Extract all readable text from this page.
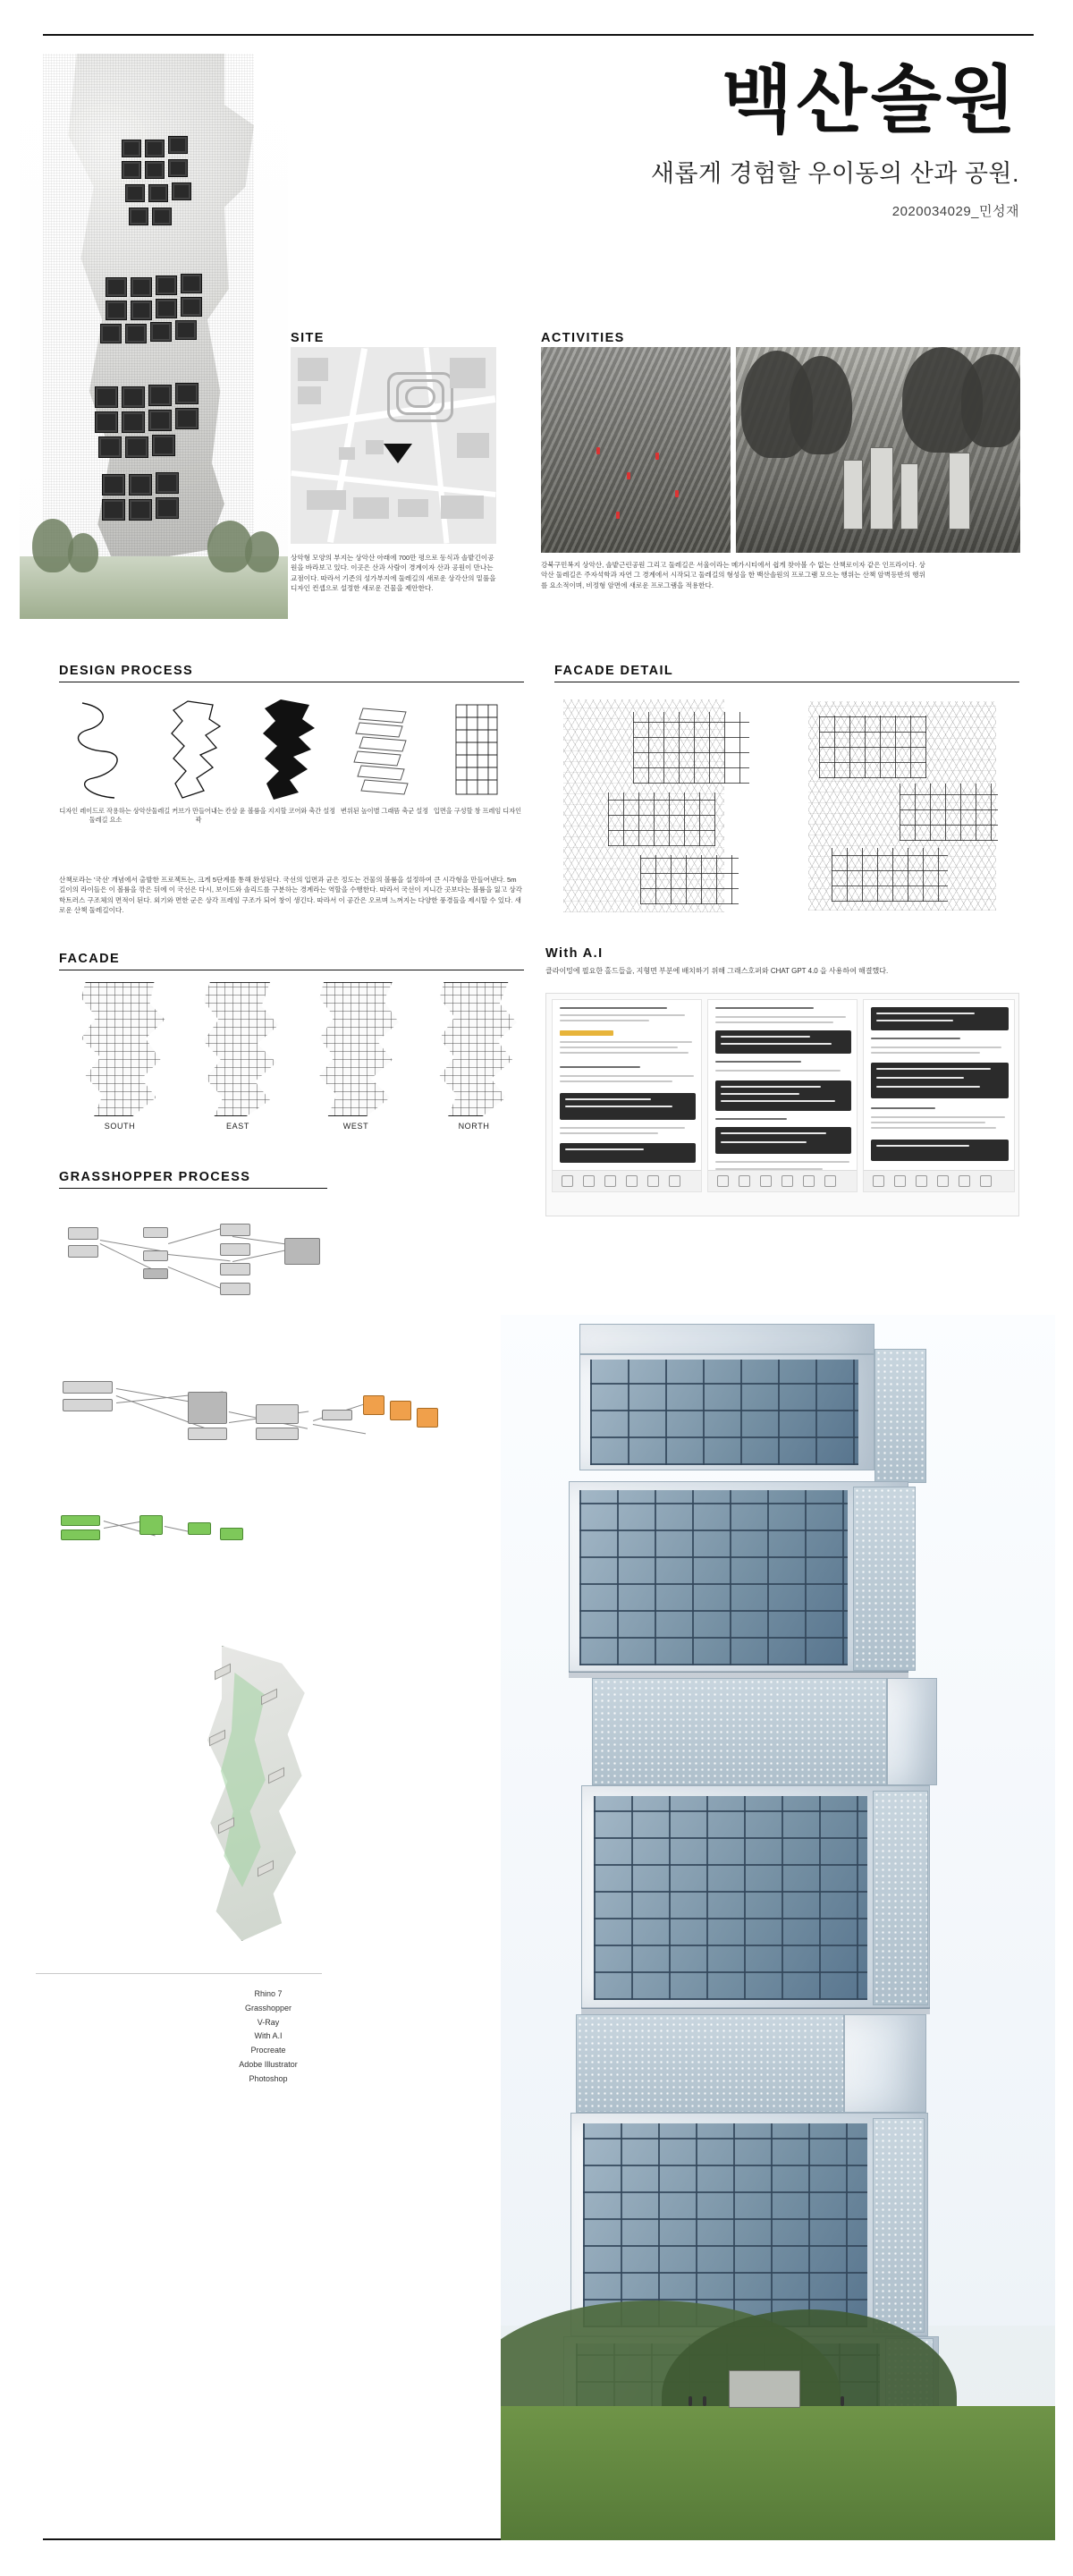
백산솔원
새롭게 경험할 우이동의 산과 공원.
2020034029_민성재
SITE
상악형 모양의 부지는 상악산 아래에 700만 평으로 동식과 솔밭긴이공원을 바라보고 있다. 이곳은 산과 사람이 경계이자 산과 공원이 만나는 교점이다. 따라서 기존의 성가부지에 둘레길의 새로운 상각산의 밑풀을 디자인 컨셉으로 설정한 새로운 건물을 제안한다.
ACTIVITIES
강북구민복지 상악산, 솔밭근린공원 그리고 둘레길은 서울이라는 메가시티에서 쉽게 찾아볼 수 없는 산책로이자 같은 인프라이다. 상악산 둘레길은 주자석학과 자연 그 경계에서 시작되고 둘레길의 형성을 한 백산솔원의 프로그램 모으는 행위는 산책 암벽등반의 행위를 요소적이며, 비정형 암면에 새로운 프로그램을 적용한다.
DESIGN PROCESS
디자인 레이드로 작용하는 상악산 둘레길 요소
둘레길 커브가 만들어내는 칸살 윤곽
볼륨을 지지할 코어와 축간 설정 변위된 높이별 그래뜸 축군 설정 입면을 구성할 창 프레임 디자인
산책로라는 '국선' 개념에서 출발한 프로젝트는, 크게 5단계를 통해 완성된다. 국선의 입면과 균은 정도는 건물의 볼륨을 설정하여 큰 시각형을 만들어낸다. 5m 길이의 라이들은 이 볼륨을 깎은 뒤에 이 국선은 다시, 보이드와 솔리드를 구분하는 경계라는 역할을 수행한다. 따라서 국선이 지니간 곳보다는 볼륨을 잃고 상각학트러스 구조체의 면적이 된다. 외기와 면한 군은 상각 프레임 구조가 되어 창이 생긴다. 따라서 이 공간은 오르며 느껴지는 다양한 풍경들을 제시할 수 있다. 새로운 산책 둘레길이다.
FACADE DETAIL
FACADE
SOUTH	EAST	WEST	NORTH
With A.I
클라이밍에 필요한 홀드들을, 지형면 부분에 배치하기 위해 그래스호퍼와 CHAT GPT 4.0 을 사용하여 해결했다.
GRASSHOPPER PROCESS
Rhino 7
Grasshopper
V-Ray
With A.I
Procreate
Adobe Illustrator
Photoshop
